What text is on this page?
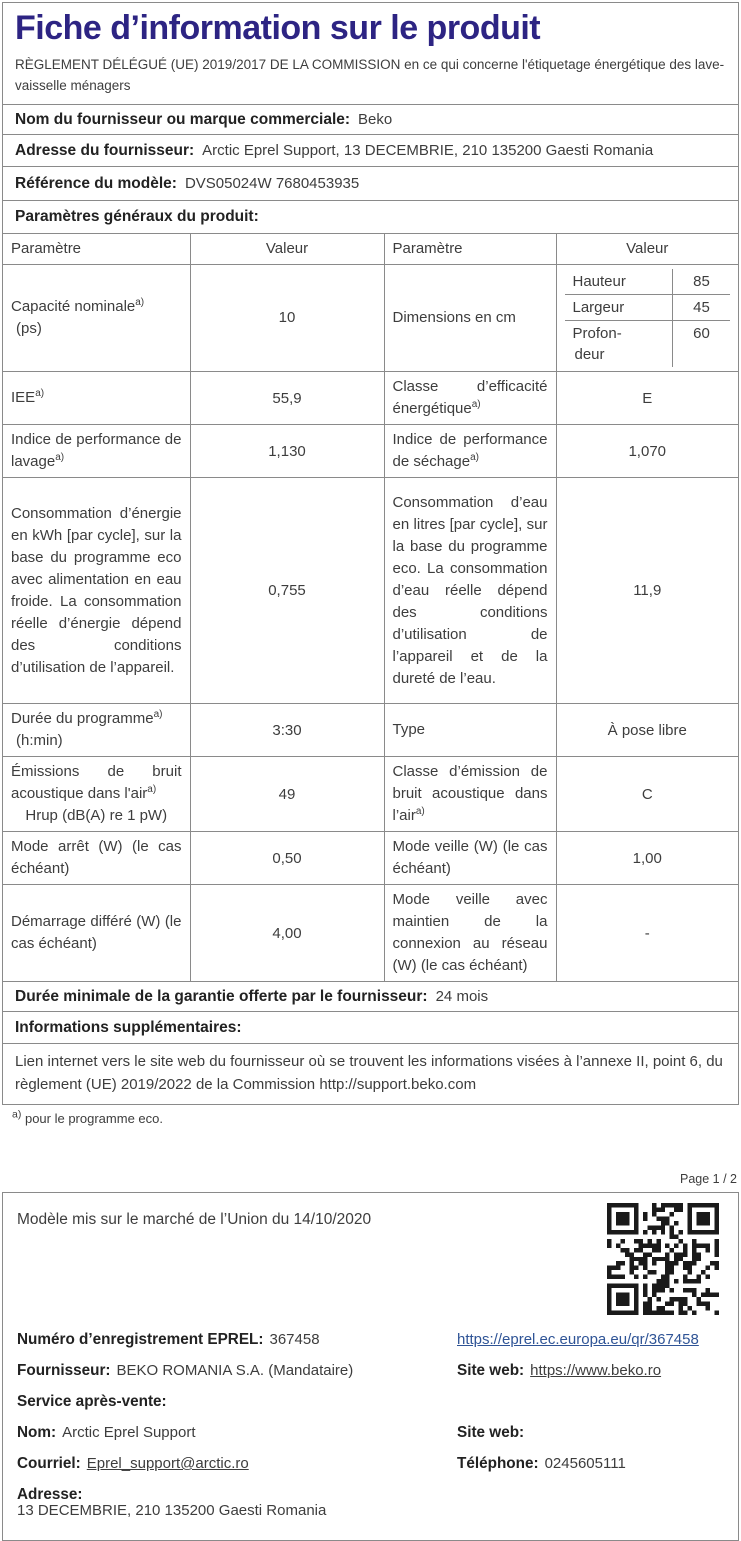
Fiche d’information sur le produit

RÈGLEMENT DÉLÉGUÉ (UE) 2019/2017 DE LA COMMISSION en ce qui concerne l'étiquetage énergétique des lave-vaisselle ménagers

Nom du fournisseur ou marque commerciale: Beko
Adresse du fournisseur: Arctic Eprel Support, 13 DECEMBRIE, 210 135200 Gaesti Romania
Référence du modèle: DVS05024W 7680453935
Paramètres généraux du produit:
Paramètre	Valeur	Paramètre	Valeur
Capacité nominale$^{a)}$
(ps)
	10	Dimensions en cm	
Hauteur	85
Largeur	45
Profon-
deur
	60

IEE$^{a)}$	55,9	Classe d’efficacité énergétique$^{a)}$	E
Indice de performance de lavage$^{a)}$	1,130	Indice de performance de séchage$^{a)}$	1,070
Consommation d’énergie en kWh [par cycle], sur la base du programme eco avec alimentation en eau froide. La consommation réelle d’énergie dépend des conditions d’utilisation de l’appareil.	0,755	Consommation d’eau en litres [par cycle], sur la base du programme eco. La consommation d’eau réelle dépend des conditions d’utilisation de l’appareil et de la dureté de l’eau.	11,9
Durée du programme$^{a)}$
(h:min)
	3:30	Type	À pose libre
Émissions de bruit acoustique dans l'air$^{a)}$
Hrup (dB(A) re 1 pW)
	49	Classe d’émission de bruit acoustique dans l’air$^{a)}$	C
Mode arrêt (W) (le cas échéant)	0,50	Mode veille (W) (le cas échéant)	1,00
Démarrage différé (W) (le cas échéant)	4,00	Mode veille avec maintien de la connexion au réseau (W) (le cas échéant)	-
Durée minimale de la garantie offerte par le fournisseur: 24 mois
Informations supplémentaires:
Lien internet vers le site web du fournisseur où se trouvent les informations visées à l’annexe II, point 6, du règlement (UE) 2019/2022 de la Commission http://support.beko.com
$^{a)}$ pour le programme eco.
Page 1 / 2
Modèle mis sur le marché de l’Union du 14/10/2020
Numéro d’enregistrement EPREL: 367458	https://eprel.ec.europa.eu/qr/367458
Fournisseur: BEKO ROMANIA S.A. (Mandataire)	Site web: https://www.beko.ro
Service après-vente:
Nom: Arctic Eprel Support	Site web:
Courriel: Eprel_support@arctic.ro	Téléphone: 0245605111
Adresse:
13 DECEMBRIE, 210 135200 Gaesti Romania
